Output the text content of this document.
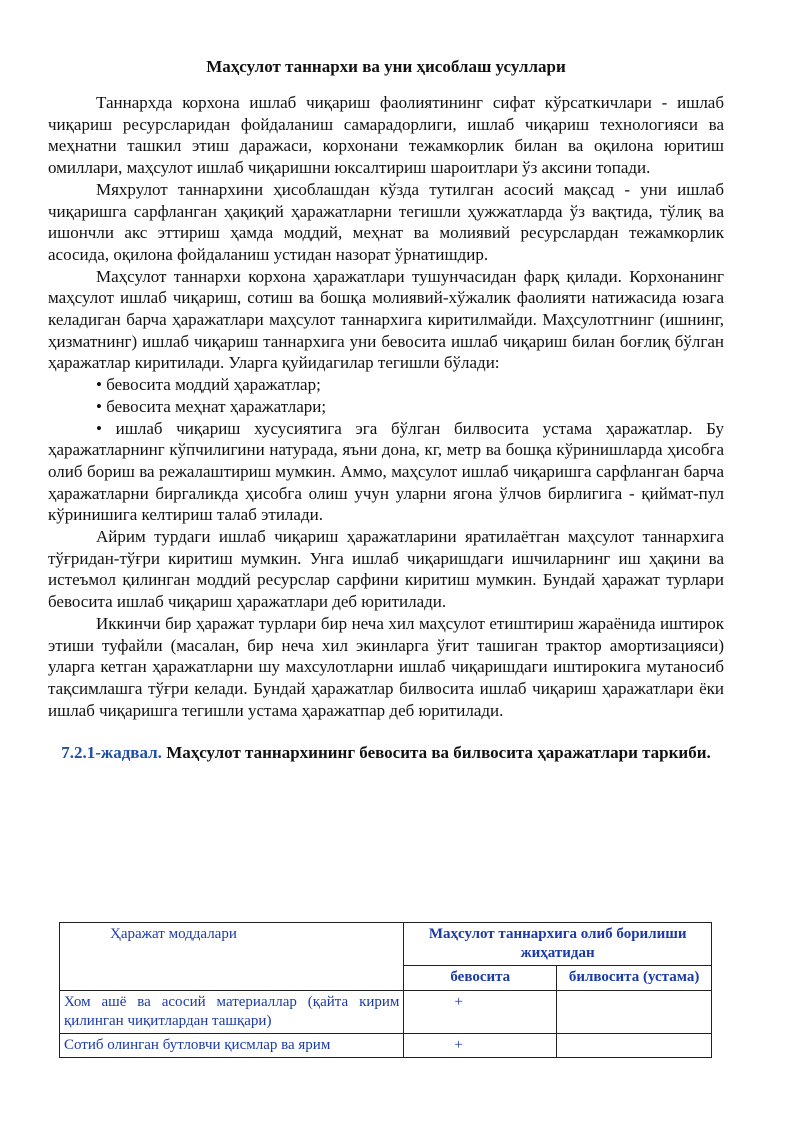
Маҳсулот таннархи ва уни ҳисоблаш усуллари

Таннархда корхона ишлаб чиқариш фаолиятининг сифат кўрсаткичлари - ишлаб чиқариш ресурсларидан фойдаланиш самарадорлиги, ишлаб чиқариш технологияси ва меҳнатни ташкил этиш даражаси, корхонани тежамкорлик билан ва оқилона юритиш омиллари, маҳсулот ишлаб чиқаришни юксалтириш шароитлари ўз аксини топади.

Мяхрулот таннархини ҳисоблашдан кўзда тутилган асосий мақсад - уни ишлаб чиқаришга сарфланган ҳақиқий ҳаражатларни тегишли ҳужжатларда ўз вақтида, тўлиқ ва ишончли акс эттириш ҳамда моддий, меҳнат ва молиявий ресурслардан тежамкорлик асосида, оқилона фойдаланиш устидан назорат ўрнатишдир.

Маҳсулот таннархи корхона ҳаражатлари тушунчасидан фарқ қилади. Корхонанинг маҳсулот ишлаб чиқариш, сотиш ва бошқа молиявий-хўжалик фаолияти натижасида юзага келадиган барча ҳаражатлари маҳсулот таннархига киритилмайди. Маҳсулотгнинг (ишнинг, ҳизматнинг) ишлаб чиқариш таннархига уни бевосита ишлаб чиқариш билан боғлиқ бўлган ҳаражатлар киритилади. Уларга қуйидагилар тегишли бўлади:

• бевосита моддий ҳаражатлар;

• бевосита меҳнат ҳаражатлари;

• ишлаб чиқариш хусусиятига эга бўлган билвосита устама ҳаражатлар. Бу ҳаражатларнинг кўпчилигини натурада, яъни дона, кг, метр ва бошқа кўринишларда ҳисобга олиб бориш ва режалаштириш мумкин. Аммо, маҳсулот ишлаб чиқаришга сарфланган барча ҳаражатларни биргаликда ҳисобга олиш учун уларни ягона ўлчов бирлигига - қиймат-пул кўринишига келтириш талаб этилади.

Айрим турдаги ишлаб чиқариш ҳаражатларини яратилаётган маҳсулот таннархига тўғридан-тўғри киритиш мумкин. Унга ишлаб чиқаришдаги ишчиларнинг иш ҳақини ва истеъмол қилинган моддий ресурслар сарфини киритиш мумкин. Бундай ҳаражат турлари бевосита ишлаб чиқариш ҳаражатлари деб юритилади.

Иккинчи бир ҳаражат турлари бир неча хил маҳсулот етиштириш жараёнида иштирок этиши туфайли (масалан, бир неча хил экинларга ўғит ташиган трактор амортизацияси) уларга кетган ҳаражатларни шу махсулотларни ишлаб чиқаришдаги иштирокига мутаносиб тақсимлашга тўғри келади. Бундай ҳаражатлар билвосита ишлаб чиқариш ҳаражатлари ёки ишлаб чиқаришга тегишли устама ҳаражатпар деб юритилади.

7.2.1-жадвал. Маҳсулот таннархининг бевосита ва билвосита ҳаражатлари таркиби.
Ҳаражат моддалари	Маҳсулот таннархига олиб борилиши жиҳатидан	
	бевосита	билвосита (устама)
Хом ашё ва асосий материаллар (қайта кирим қилинган чиқитлардан ташқари)	+	
Сотиб олинган бутловчи қисмлар ва ярим	+	
